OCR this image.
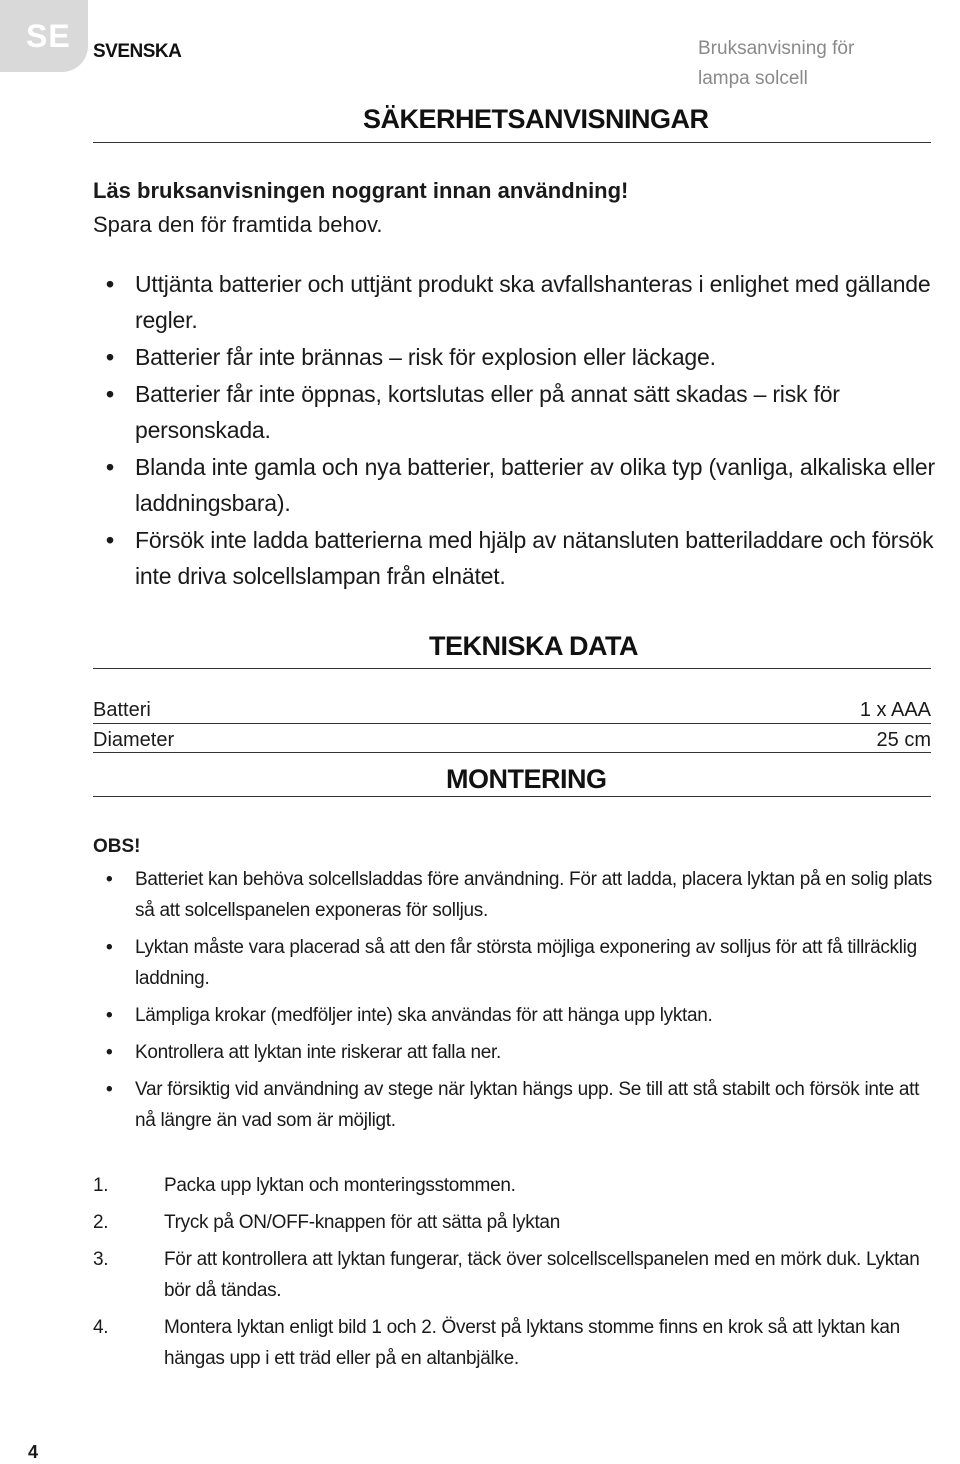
SE SVENSKA	Bruksanvisning för
lampa solcell
SÄKERHETSANVISNINGAR
Läs bruksanvisningen noggrant innan användning!
Spara den för framtida behov.
• Uttjänta batterier och uttjänt produkt ska avfallshanteras i enlighet med gällande regler.
• Batterier får inte brännas – risk för explosion eller läckage.
• Batterier får inte öppnas, kortslutas eller på annat sätt skadas – risk för personskada.
• Blanda inte gamla och nya batterier, batterier av olika typ (vanliga, alkaliska eller laddningsbara).
• Försök inte ladda batterierna med hjälp av nätansluten batteriladdare och försök inte driva solcellslampan från elnätet.
TEKNISKA DATA
Batteri	1 x AAA
Diameter	25 cm
MONTERING
OBS!
• Batteriet kan behöva solcellsladdas före användning. För att ladda, placera lyktan på en solig plats så att solcellspanelen exponeras för solljus.
• Lyktan måste vara placerad så att den får största möjliga exponering av solljus för att få tillräcklig laddning.
• Lämpliga krokar (medföljer inte) ska användas för att hänga upp lyktan.
• Kontrollera att lyktan inte riskerar att falla ner.
• Var försiktig vid användning av stege när lyktan hängs upp. Se till att stå stabilt och försök inte att nå längre än vad som är möjligt.
1.	Packa upp lyktan och monteringsstommen.
2.	Tryck på ON/OFF-knappen för att sätta på lyktan
3.	För att kontrollera att lyktan fungerar, täck över solcellscellspanelen med en mörk duk. Lyktan bör då tändas.
4.	Montera lyktan enligt bild 1 och 2. Överst på lyktans stomme finns en krok så att lyktan kan hängas upp i ett träd eller på en altanbjälke.
4
